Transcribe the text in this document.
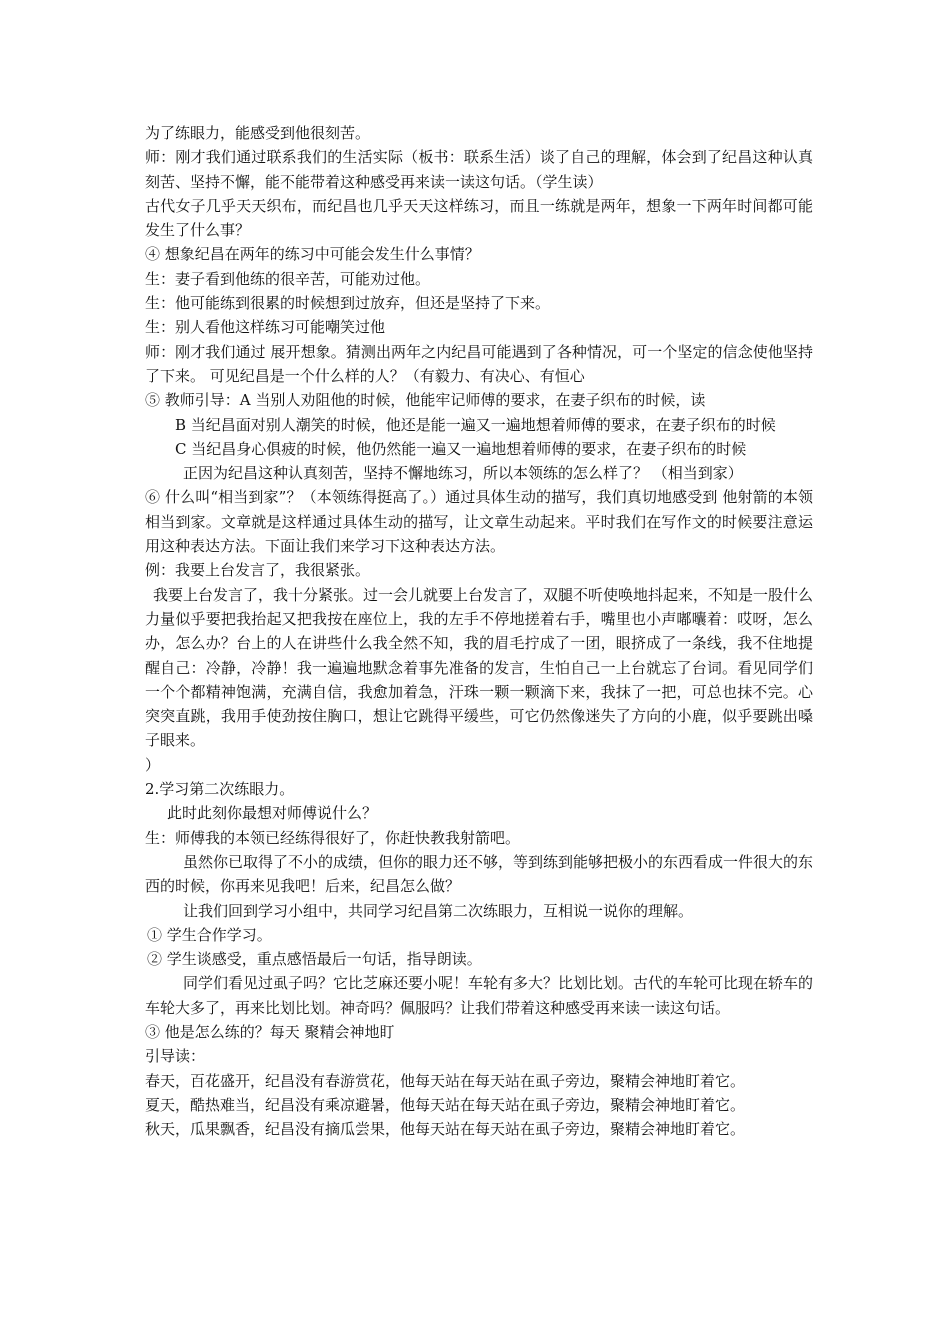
为了练眼力，能感受到他很刻苦。

师：刚才我们通过联系我们的生活实际（板书：联系生活）谈了自己的理解，体会到了纪昌这种认真刻苦、坚持不懈，能不能带着这种感受再来读一读这句话。（学生读）

古代女子几乎天天织布，而纪昌也几乎天天这样练习，而且一练就是两年，想象一下两年时间都可能发生了什么事？

④ 想象纪昌在两年的练习中可能会发生什么事情？

生：妻子看到他练的很辛苦，可能劝过他。

生：他可能练到很累的时候想到过放弃，但还是坚持了下来。

生：别人看他这样练习可能嘲笑过他

师：刚才我们通过 展开想象。猜测出两年之内纪昌可能遇到了各种情况，可一个坚定的信念使他坚持了下来。 可见纪昌是一个什么样的人？（有毅力、有决心、有恒心

⑤ 教师引导：A 当别人劝阻他的时候，他能牢记师傅的要求，在妻子织布的时候，读

B 当纪昌面对别人潮笑的时候，他还是能一遍又一遍地想着师傅的要求，在妻子织布的时候

C 当纪昌身心俱疲的时候，他仍然能一遍又一遍地想着师傅的要求，在妻子织布的时候

正因为纪昌这种认真刻苦，坚持不懈地练习，所以本领练的怎么样了？ （相当到家）

⑥ 什么叫“相当到家”？（本领练得挺高了。）通过具体生动的描写，我们真切地感受到 他射箭的本领相当到家。文章就是这样通过具体生动的描写，让文章生动起来。平时我们在写作文的时候要注意运用这种表达方法。下面让我们来学习下这种表达方法。

例：我要上台发言了，我很紧张。

我要上台发言了，我十分紧张。过一会儿就要上台发言了，双腿不听使唤地抖起来，不知是一股什么力量似乎要把我抬起又把我按在座位上，我的左手不停地搓着右手，嘴里也小声嘟囔着：哎呀，怎么办，怎么办？台上的人在讲些什么我全然不知，我的眉毛拧成了一团，眼挤成了一条线，我不住地提醒自己：冷静，冷静！我一遍遍地默念着事先准备的发言，生怕自己一上台就忘了台词。看见同学们一个个都精神饱满，充满自信，我愈加着急，汗珠一颗一颗滴下来，我抹了一把，可总也抹不完。心突突直跳，我用手使劲按住胸口，想让它跳得平缓些，可它仍然像迷失了方向的小鹿，似乎要跳出嗓子眼来。

）

2.学习第二次练眼力。

此时此刻你最想对师傅说什么？

生：师傅我的本领已经练得很好了，你赶快教我射箭吧。

虽然你已取得了不小的成绩，但你的眼力还不够，等到练到能够把极小的东西看成一件很大的东西的时候，你再来见我吧！后来，纪昌怎么做？

让我们回到学习小组中，共同学习纪昌第二次练眼力，互相说一说你的理解。

① 学生合作学习。

② 学生谈感受，重点感悟最后一句话，指导朗读。

同学们看见过虱子吗？它比芝麻还要小呢！车轮有多大？比划比划。古代的车轮可比现在轿车的车轮大多了，再来比划比划。神奇吗？佩服吗？让我们带着这种感受再来读一读这句话。

③ 他是怎么练的？每天 聚精会神地盯

引导读：

春天，百花盛开，纪昌没有春游赏花，他每天站在每天站在虱子旁边，聚精会神地盯着它。

夏天，酷热难当，纪昌没有乘凉避暑，他每天站在每天站在虱子旁边，聚精会神地盯着它。

秋天，瓜果飘香，纪昌没有摘瓜尝果，他每天站在每天站在虱子旁边，聚精会神地盯着它。
